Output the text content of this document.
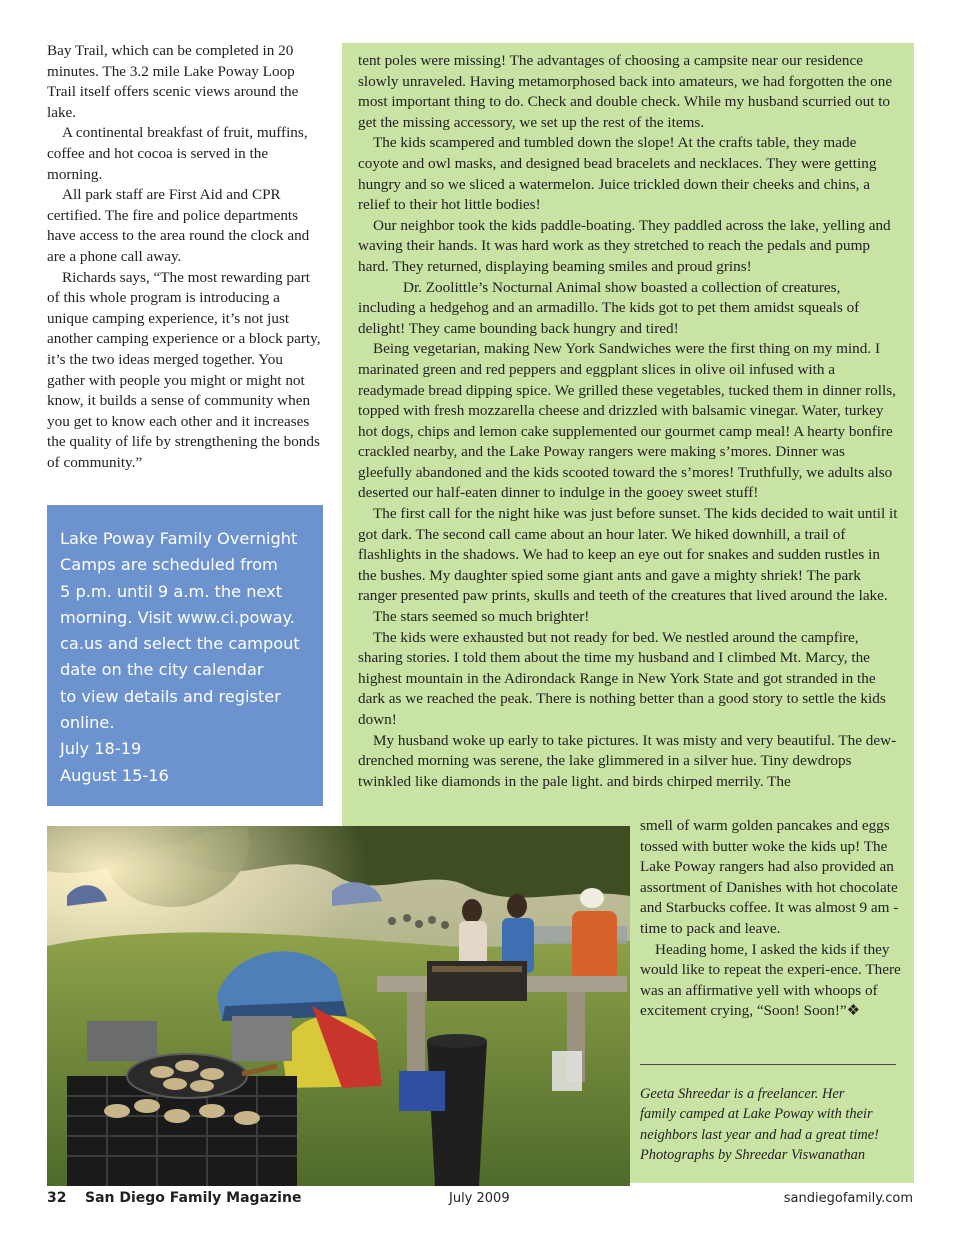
Bay Trail, which can be completed in 20 minutes. The 3.2 mile Lake Poway Loop Trail itself offers scenic views around the lake.

A continental breakfast of fruit, muffins, coffee and hot cocoa is served in the morning.

All park staff are First Aid and CPR certified. The fire and police departments have access to the area round the clock and are a phone call away.

Richards says, “The most rewarding part of this whole program is introducing a unique camping experience, it’s not just another camping experience or a block party, it’s the two ideas merged together. You gather with people you might or might not know, it builds a sense of community when you get to know each other and it increases the quality of life by strengthening the bonds of community.”

Lake Poway Family Overnight
Camps are scheduled from
5 p.m. until 9 a.m. the next
morning. Visit www.ci.poway.
ca.us and select the campout
date on the city calendar
to view details and register
online.
July 18-19
August 15-16

tent poles were missing! The advantages of choosing a campsite near our residence slowly unraveled. Having metamorphosed back into amateurs, we had forgotten the one most important thing to do. Check and double check. While my husband scurried out to get the missing accessory, we set up the rest of the items.

The kids scampered and tumbled down the slope! At the crafts table, they made coyote and owl masks, and designed bead bracelets and necklaces. They were getting hungry and so we sliced a watermelon. Juice trickled down their cheeks and chins, a relief to their hot little bodies!

Our neighbor took the kids paddle-boating. They paddled across the lake, yelling and waving their hands. It was hard work as they stretched to reach the pedals and pump hard. They returned, displaying beaming smiles and proud grins!

Dr. Zoolittle’s Nocturnal Animal show boasted a collection of creatures, including a hedgehog and an armadillo. The kids got to pet them amidst squeals of delight! They came bounding back hungry and tired!

Being vegetarian, making New York Sandwiches were the first thing on my mind. I marinated green and red peppers and eggplant slices in olive oil infused with a readymade bread dipping spice. We grilled these vegetables, tucked them in dinner rolls, topped with fresh mozzarella cheese and drizzled with balsamic vinegar. Water, turkey hot dogs, chips and lemon cake supplemented our gourmet camp meal! A hearty bonfire crackled nearby, and the Lake Poway rangers were making s’mores. Dinner was gleefully abandoned and the kids scooted toward the s’mores! Truthfully, we adults also deserted our half-eaten dinner to indulge in the gooey sweet stuff!

The first call for the night hike was just before sunset. The kids decided to wait until it got dark. The second call came about an hour later. We hiked downhill, a trail of flashlights in the shadows. We had to keep an eye out for snakes and sudden rustles in the bushes. My daughter spied some giant ants and gave a mighty shriek! The park ranger presented paw prints, skulls and teeth of the creatures that lived around the lake.

The stars seemed so much brighter!

The kids were exhausted but not ready for bed. We nestled around the campfire, sharing stories. I told them about the time my husband and I climbed Mt. Marcy, the highest mountain in the Adirondack Range in New York State and got stranded in the dark as we reached the peak. There is nothing better than a good story to settle the kids down!

My husband woke up early to take pictures. It was misty and very beautiful. The dew-drenched morning was serene, the lake glimmered in a silver hue. Tiny dewdrops twinkled like diamonds in the pale light. and birds chirped merrily. The

smell of warm golden pancakes and eggs tossed with butter woke the kids up! The Lake Poway rangers had also provided an assortment of Danishes with hot chocolate and Starbucks coffee. It was almost 9 am - time to pack and leave.

Heading home, I asked the kids if they would like to repeat the experi-ence. There was an affirmative yell with whoops of excitement crying, “Soon! Soon!”❖

Geeta Shreedar is a freelancer. Her
family camped at Lake Poway with their
neighbors last year and had a great time!
Photographs by Shreedar Viswanathan
32 San Diego Family Magazine	July 2009	sandiegofamily.com
